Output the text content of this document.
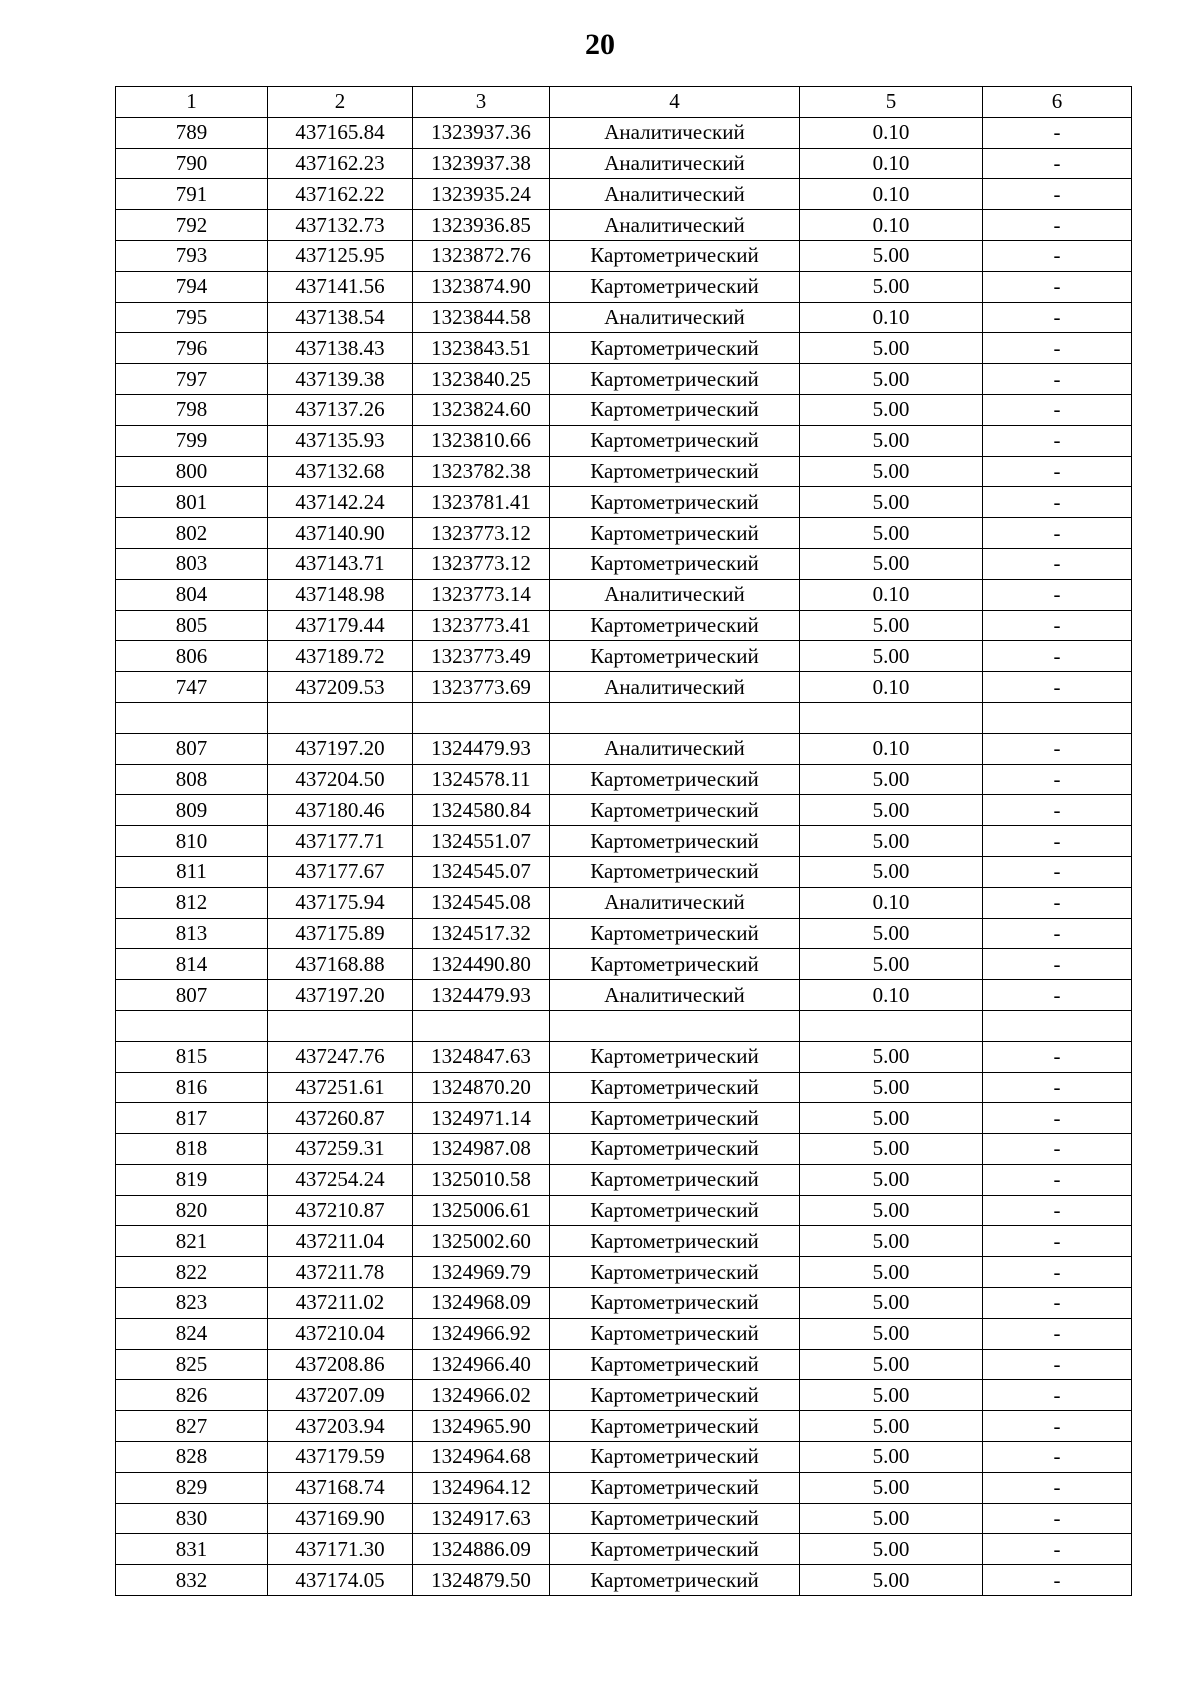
20
1	2	3	4	5	6
789	437165.84	1323937.36	Аналитический	0.10	-
790	437162.23	1323937.38	Аналитический	0.10	-
791	437162.22	1323935.24	Аналитический	0.10	-
792	437132.73	1323936.85	Аналитический	0.10	-
793	437125.95	1323872.76	Картометрический	5.00	-
794	437141.56	1323874.90	Картометрический	5.00	-
795	437138.54	1323844.58	Аналитический	0.10	-
796	437138.43	1323843.51	Картометрический	5.00	-
797	437139.38	1323840.25	Картометрический	5.00	-
798	437137.26	1323824.60	Картометрический	5.00	-
799	437135.93	1323810.66	Картометрический	5.00	-
800	437132.68	1323782.38	Картометрический	5.00	-
801	437142.24	1323781.41	Картометрический	5.00	-
802	437140.90	1323773.12	Картометрический	5.00	-
803	437143.71	1323773.12	Картометрический	5.00	-
804	437148.98	1323773.14	Аналитический	0.10	-
805	437179.44	1323773.41	Картометрический	5.00	-
806	437189.72	1323773.49	Картометрический	5.00	-
747	437209.53	1323773.69	Аналитический	0.10	-

807	437197.20	1324479.93	Аналитический	0.10	-
808	437204.50	1324578.11	Картометрический	5.00	-
809	437180.46	1324580.84	Картометрический	5.00	-
810	437177.71	1324551.07	Картометрический	5.00	-
811	437177.67	1324545.07	Картометрический	5.00	-
812	437175.94	1324545.08	Аналитический	0.10	-
813	437175.89	1324517.32	Картометрический	5.00	-
814	437168.88	1324490.80	Картометрический	5.00	-
807	437197.20	1324479.93	Аналитический	0.10	-

815	437247.76	1324847.63	Картометрический	5.00	-
816	437251.61	1324870.20	Картометрический	5.00	-
817	437260.87	1324971.14	Картометрический	5.00	-
818	437259.31	1324987.08	Картометрический	5.00	-
819	437254.24	1325010.58	Картометрический	5.00	-
820	437210.87	1325006.61	Картометрический	5.00	-
821	437211.04	1325002.60	Картометрический	5.00	-
822	437211.78	1324969.79	Картометрический	5.00	-
823	437211.02	1324968.09	Картометрический	5.00	-
824	437210.04	1324966.92	Картометрический	5.00	-
825	437208.86	1324966.40	Картометрический	5.00	-
826	437207.09	1324966.02	Картометрический	5.00	-
827	437203.94	1324965.90	Картометрический	5.00	-
828	437179.59	1324964.68	Картометрический	5.00	-
829	437168.74	1324964.12	Картометрический	5.00	-
830	437169.90	1324917.63	Картометрический	5.00	-
831	437171.30	1324886.09	Картометрический	5.00	-
832	437174.05	1324879.50	Картометрический	5.00	-
